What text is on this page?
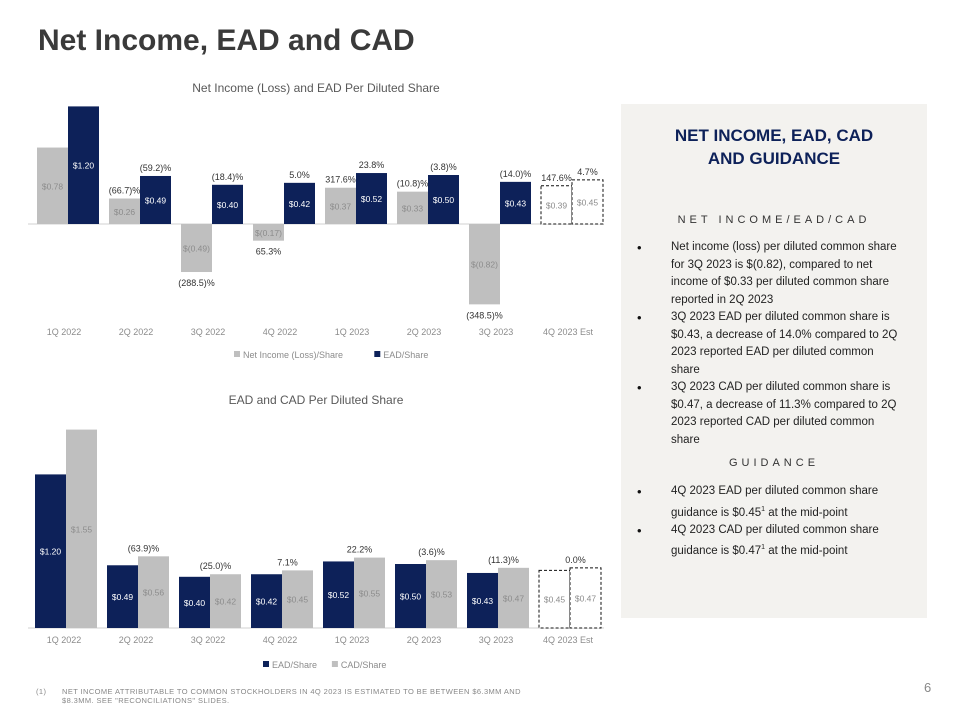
Net Income, EAD and CAD
Net Income (Loss) and EAD Per Diluted Share
$0.78
$1.20
1Q 2022
$0.26
(66.7)%
$0.49
(59.2)%
2Q 2022
$(0.49)
(288.5)%
$0.40
(18.4)%
3Q 2022
$(0.17)
65.3%
$0.42
5.0%
4Q 2022
$0.37
317.6%
$0.52
23.8%
1Q 2023
$0.33
(10.8)%
$0.50
(3.8)%
2Q 2023
$(0.82)
(348.5)%
$0.43
(14.0)%
3Q 2023
$0.39
147.6%
$0.45
4.7%
4Q 2023 Est
Net Income (Loss)/Share	EAD/Share
EAD and CAD Per Diluted Share
$1.20
$1.55
1Q 2022
$0.49 $0.56
(63.9)%
2Q 2022
$0.40 $0.42
(25.0)%
3Q 2022
$0.42 $0.45
7.1%
4Q 2022
$0.52 $0.55
22.2%
1Q 2023
$0.50 $0.53
(3.6)%
2Q 2023
$0.43 $0.47
(11.3)%
3Q 2023
$0.45 $0.47
0.0%
4Q 2023 Est
EAD/Share	CAD/Share
NET INCOME, EAD, CAD
AND GUIDANCE
NET INCOME/EAD/CAD
• Net income (loss) per diluted common share for 3Q 2023 is $(0.82), compared to net income of $0.33 per diluted common share reported in 2Q 2023
• 3Q 2023 EAD per diluted common share is $0.43, a decrease of 14.0% compared to 2Q 2023 reported EAD per diluted common share
• 3Q 2023 CAD per diluted common share is $0.47, a decrease of 11.3% compared to 2Q 2023 reported CAD per diluted common share
GUIDANCE
• 4Q 2023 EAD per diluted common share guidance is $0.45$^1$ at the mid-point
• 4Q 2023 CAD per diluted common share guidance is $0.47$^1$ at the mid-point
(1) NET INCOME ATTRIBUTABLE TO COMMON STOCKHOLDERS IN 4Q 2023 IS ESTIMATED TO BE BETWEEN $6.3MM AND $8.3MM. SEE "RECONCILIATIONS" SLIDES.
6
